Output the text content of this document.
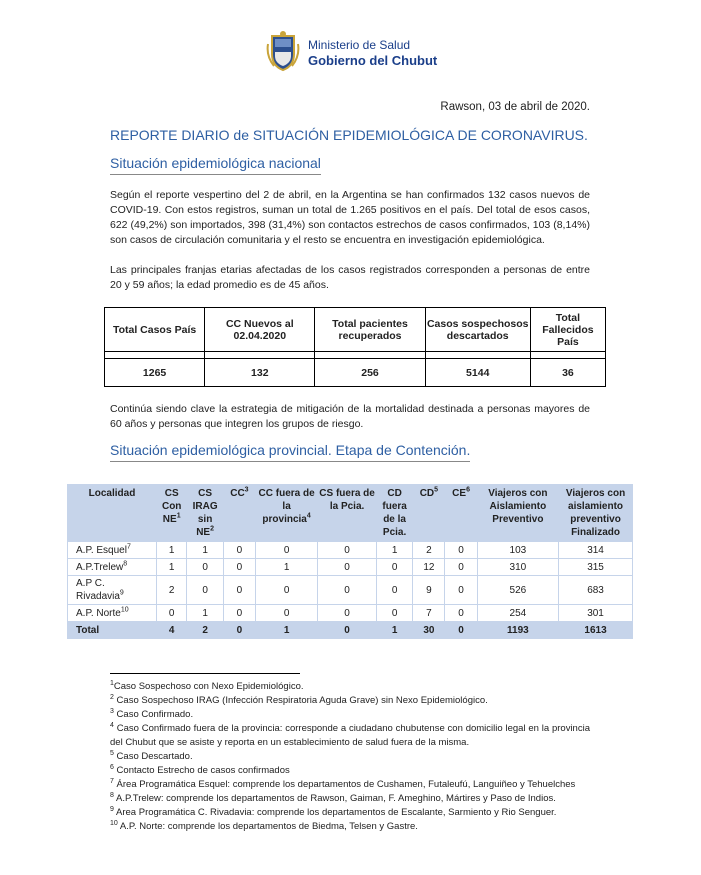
Ministerio de Salud
Gobierno del Chubut
Rawson, 03 de abril de 2020.
REPORTE DIARIO de SITUACIÓN EPIDEMIOLÓGICA DE CORONAVIRUS.
Situación epidemiológica nacional

Según el reporte vespertino del 2 de abril, en la Argentina se han confirmados 132 casos nuevos de COVID-19. Con estos registros, suman un total de 1.265 positivos en el país. Del total de esos casos, 622 (49,2%) son importados, 398 (31,4%) son contactos estrechos de casos confirmados, 103 (8,14%) son casos de circulación comunitaria y el resto se encuentra en investigación epidemiológica.

Las principales franjas etarias afectadas de los casos registrados corresponden a personas de entre 20 y 59 años; la edad promedio es de 45 años.

Total Casos País	CC Nuevos al 02.04.2020	Total pacientes recuperados	Casos sospechosos descartados	Total Fallecidos País

1265	132	256	5144	36

Continúa siendo clave la estrategia de mitigación de la mortalidad destinada a personas mayores de 60 años y personas que integren los grupos de riesgo.

Situación epidemiológica provincial. Etapa de Contención.
Localidad	CS Con $NE^1$	CS IRAG $\sin NE^2$	$CC^3$	CC fuera de la provincia$^4$	CS fuera de la Pcia.	CD fuera de la Pcia.	$CD^5$	$CE^6$	Viajeros con Aislamiento Preventivo	Viajeros con aislamiento preventivo Finalizado
A.P. Esquel$^7$	1	1	0	0	0	1	2	0	103	314
A.P.Trelew$^8$	1	0	0	1	0	0	12	0	310	315
A.P C. Rivadavia$^9$	2	0	0	0	0	0	9	0	526	683
A.P. Norte$^{10}$	0	1	0	0	0	0	7	0	254	301
Total	4	2	0	1	0	1	30	0	1193	1613

$^1$Caso Sospechoso con Nexo Epidemiológico.

$^2$ Caso Sospechoso IRAG (Infección Respiratoria Aguda Grave) sin Nexo Epidemiológico.

$^3$ Caso Confirmado.

$^4$ Caso Confirmado fuera de la provincia: corresponde a ciudadano chubutense con domicilio legal en la provincia del Chubut que se asiste y reporta en un establecimiento de salud fuera de la misma.

$^5$ Caso Descartado.

$^6$ Contacto Estrecho de casos confirmados

$^7$ Área Programática Esquel: comprende los departamentos de Cushamen, Futaleufú, Languiñeo y Tehuelches

$^8$ A.P.Trelew: comprende los departamentos de Rawson, Gaiman, F. Ameghino, Mártires y Paso de Indios.

$^9$ Area Programática C. Rivadavia: comprende los departamentos de Escalante, Sarmiento y Rio Senguer.

$^{10}$ A.P. Norte: comprende los departamentos de Biedma, Telsen y Gastre.
